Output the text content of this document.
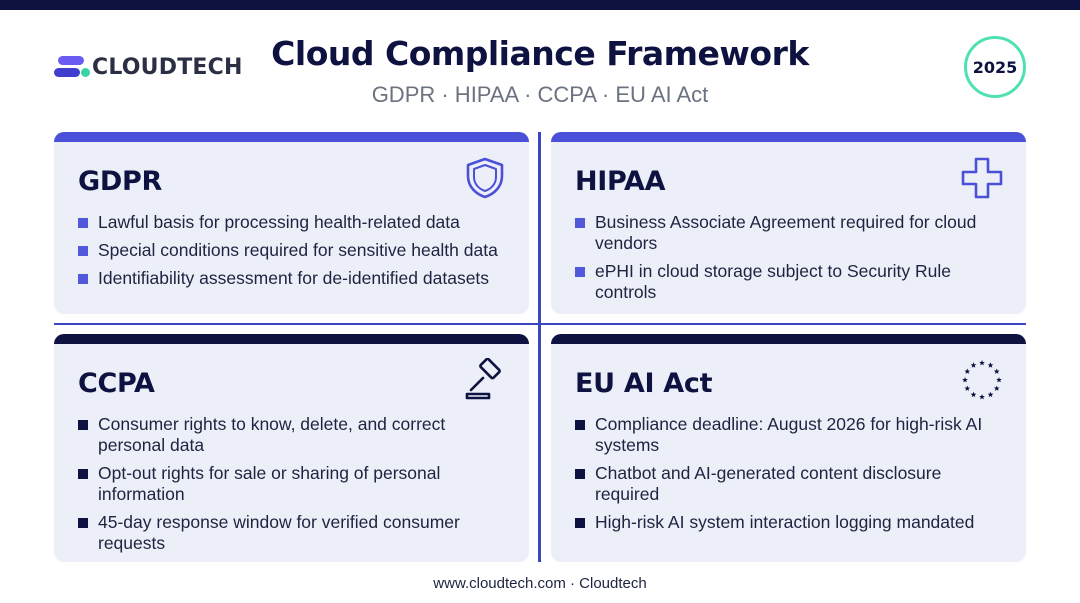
CLOUDTECH Cloud Compliance Framework
GDPR · HIPAA · CCPA · EU AI Act
2025
GDPR
Lawful basis for processing health-related data
Special conditions required for sensitive health data
Identifiability assessment for de-identified datasets
HIPAA
Business Associate Agreement required for cloud vendors
ePHI in cloud storage subject to Security Rule controls
CCPA
Consumer rights to know, delete, and correct personal data
Opt-out rights for sale or sharing of personal information
45-day response window for verified consumer requests
EU AI Act
Compliance deadline: August 2026 for high-risk AI systems
Chatbot and AI-generated content disclosure required
High-risk AI system interaction logging mandated
www.cloudtech.com · Cloudtech
